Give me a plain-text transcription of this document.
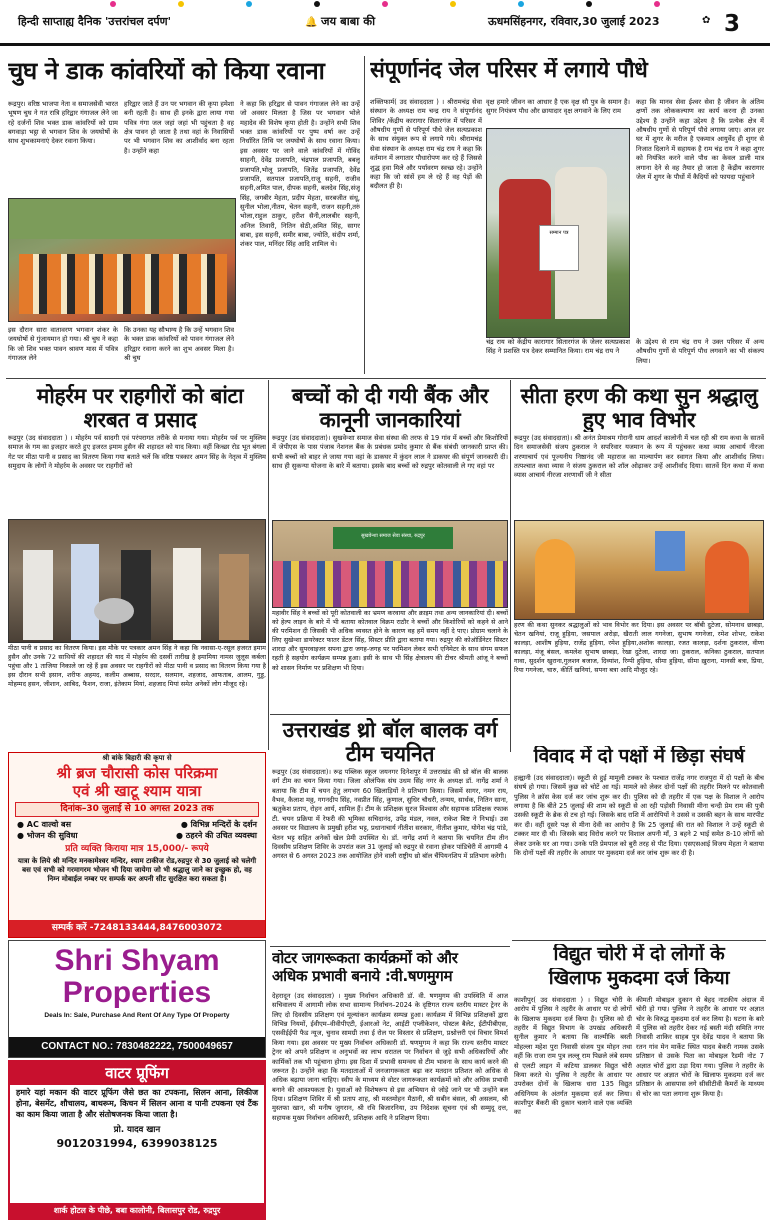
हिन्दी साप्ताह्य दैनिक 'उत्तरांचल दर्पण'	🔔 जय बाबा की	ऊधमसिंहनगर, रविवार,30 जुलाई 2023	3
✿
चुघ ने डाक कांवरियों को किया रवाना

रूद्रपुर। वरिष्ठ भाजपा नेता व समाजसेवी भारत भूषण चुघ ने गत रात्रि हरिद्वार गंगाजल लेने जा रहे दर्जनों शिव भक्त डाक कांवरियों को ग्राम बगवाड़ा भट्ठा से भगवान शिव के जयघोषों के साथ शुभकामनाएं देकर रवाना किया।

हरिद्वार जाते हैं उन पर भगवान की कृपा हमेशा बनी रहती है। साथ ही इनके द्वारा लाया गया पवित्र गंगा जल जहां जहां भी पहुंचता है वह क्षेत्र पावन हो जाता है तथा वहां के निवासियों पर भी भगवान शिव का आशीर्वाद बना रहता है। उन्होंने कहा

ने कहा कि हरिद्वार से पावन गंगाजल लेने का उन्हें जो अवसर मिलता है जिस पर भगवान भोले महादेव की विशेष कृपा होती है। उन्होंने सभी शिव भक्त डाक कांवरियों पर पुष्प वर्षा कर उन्हें निर्धारित तिथि पर जयघोषों के साथ रवाना किया। इस अवसर पर जाने वाले कांवरियों में गोविंद साहनी, देवेंद्र प्रजापति, चंद्रपाल प्रजापति, बबलू प्रजापति,भोलू प्रजापति, जितेंद्र प्रजापति, देवेंद्र प्रजापति, सतपाल प्रजापति,राजू सहनी, राजीव सहनी,अमित पाल, दीपक सहनी, बलदेव सिंह,संजू सिंह, जगबीर मेहता, प्रदीप मेहता, सरबजीत संधू, सुनील भोला,नीतम, चेतन सहनी, राजन सहनी,तरुं भोला,राहुल ठाकुर, हरीश सैनी,लालबीर सहनी, अनिल तिवारी, नितिन सेठी,अमित सिंह, सागर बाबा, इस सहनी, समीर बाबा, ज्योति, संदीप शर्मा, शंकर पाल, मनिंदर सिंह आदि शामिल थे।

इस दौरान सारा वातावरण भगवान शंकर के जयघोषों से गुंजायमान हो गया। श्री चुघ ने कहा कि जो शिव भक्त पावन श्रावण मास में पवित्र गंगाजल लेने

कि उनका यह सौभाग्य है कि उन्हें भगवान शिव के भक्त डाक कांवरियों को पावन गंगाजल लेने हरिद्वार रवाना करने का शुभ अवसर मिला है। श्री चुघ

संपूर्णानंद जेल परिसर में लगाये पौधे

शक्तिफार्म( उद संवाददाता ) । श्रीरामचंद्र सेवा संस्थान के अध्यक्ष राम चन्द्र राय ने संपूर्णानंद शिविर /केंद्रीय कारागार सितारगंज में परिसर में औषधीय गुणों से परिपूर्ण पौधे जेल सत्यप्रकाश के साथ संयुक्त रूप से लगाये गये। श्रीरामचंद्र सेवा संस्थान के अध्यक्ष राम चंद्र राय ने कहा कि वर्तमान में लगातार पौधारोपण कर रहे हैं जिससे शुद्ध हवा मिले और पर्यावरण स्वच्छ रहे। उन्होंने कहा कि जो सांसें हम ले रहे हैं वह पेड़ों की बदौलत ही है।

वृक्ष हमारे जीवन का आधार है एक वृक्ष सौ पुत्र के समान है। सुगर नियंत्रण पौध और छायादार वृक्ष लगवाने के लिए राम

सम्मान पत्र

चंद्र राय को केंद्रीय कारागार सितारगंज के जेलर सत्यप्रकाश सिंह ने प्रशस्ति पत्र देकर सम्मानित किया। राम चंद्र राय ने

कहा कि मानव सेवा ईश्वर सेवा है जीवन के अंतिम क्षणों तक लोककल्याण का कार्य करना ही उनका उद्देश्य है उन्होंने कहा उद्देश्य है कि प्रत्येक क्षेत्र में औषधीय गुणों से परिपूर्ण पौधे लगाया जाए। आज हर घर में शुगर के मरीज है एकमात्र आयुर्वेद ही शुगर से निजात दिलाने में सहायक है राम चंद्र राय ने कहा शुगर को नियंत्रित करने वाले पौध का केवल डाली मात्र लगाना देने से वह तैयार हो जाता है केंद्रीय कारागार जेल में शुगर के पौधों में कैदियों को फायदा पहुंचाने

के उद्देश्य से राम चंद्र राय ने उक्त परिसर में अन्य औषधीय गुणों से परिपूर्ण पौध लगवाने का भी संकल्प लिया।

मोहर्रम पर राहगीरों को बांटा शरबत व प्रसाद

रूद्रपुर (उद संवाददाता ) । मोहर्रम पर्व सादगी एवं परंपरागत तरीके से मनाया गया। मोहर्रम पर्व पर मुस्लिम समाज के गम का इजहार करते हुए इजरत इमाम हुसैन की शहादत को याद किया। वहीं किच्छा रोड भूत बंगला गेट पर मीठा पानी व प्रसाद का वितरण किया गया बताते चलें कि वरिष्ठ पत्रकार अमन सिंह के नेतृत्व में मुस्लिम समुदाय के लोगों ने मोहर्रम के अवसर पर राहगीरों को

मीठा पानी व प्रसाद का वितरण किया। इस मौके पर पत्रकार अमन सिंह ने कहा कि नवासा-ए-रसूल हजरत इमाम हुसैन और उनके 72 साथियों की शहादत की याद में मोहर्रम की दसवीं तारीख है इमामिया नामस जुलूस कर्बला पहुंचा और 1 ताजिया निकाले जा रहे हैं इस अवसर पर राहगीरों को मीठा पानी व प्रसाद का वितरण किया गया है इस दौरान सभी इसान, शरीफ अहमद, कलीम अब्बास, सरदार, सलमान, शहजाद, आफताब, आलम, गुड्ड, मोहम्मद हसन, जीशान, आबिद, फैशन, राजा, इंतेकाम मियां, शहजाद मियां समेत अनेकों लोग मौजूद रहे।

बच्चों को दी गयी बैंक और कानूनी जानकारियां

रूद्रपुर (उद संवाददाता)। सुखवेन्शा समाज सेवा संस्था की तरफ से 19 गांव में बच्चों और किशोरियों में जेपीएस के पास पंजाब नेशनल बैंक के प्रबंधक प्रमोद कुमार से बैंक संबंधी जानकारी प्राप्त की। सभी बच्चों को बाहर ले जाया गया वहां के डाकघर में कुंदन लाल ने डाकघर की संपूर्ण जानकारी दी। साथ ही सुकन्या योजना के बारे में बताया। इसके बाद बच्चों को रुद्रपुर कोतवाली ले गए वहां पर

सुखवेन्शा समाज सेवा संस्था, रुद्रपुर

महावीर सिंह ने बच्चों को पूरी कोतवाली का भ्रमण करवाया और क्राइम तथा अन्य जानकारियां दी। बच्चों को हेल्प लाइन के बारे में भी बताया कोतवाल विक्रम राठौर ने बच्चों और किशोरियों को कहने से आने की परमिशन दी जिसकी भी अधिक व्यवस्त होने के कारण वह हमें समय नहीं दे पाए। प्रोग्राम चलाने के लिए सुखेन्शा डायरेक्टर फातर डेंटल सिंह, सिस्टर प्रीति द्वारा बताया गया। रुद्रपुर की कोऑर्डिनेटर सिस्टर शारदा और सुपरवाइजर सपना द्वारा जगह-जगह पर परमिशन लेकर सभी एनिमेटर के साथ संगम सफल रहती है सहयोग कार्यक्रम सम्पन्न हुआ। इसी के साथ भी सिंह क्षेत्रालय की टीचर श्रीमती आंजू ने बच्चों को शासन निर्माण पर प्रशिक्षण भी दिया।

सीता हरण की कथा सुन श्रद्धालु हुए भाव विभोर

रूद्रपुर (उद संवाददाता)। श्री अनंत प्रेमाश्रम गोरानी धाम आदर्श कालोनी में चल रही श्री राम कथा के सातवें दिन समाजसेवी संजय ठुकराल ने सपरिवार यजमान के रूप में पहुंचकर कथा व्यास आचार्य नीरजा शरणाचार्य एवं पूज्यनीय निष्ठानंद जी महाराज का माल्यार्पण कर स्वागत किया और आशीर्वाद लिया। तत्पश्चात कथा व्यास ने संजय ठुकराल को शॉल ओढ़ाकर उन्हें आशीर्वाद दिया। सातवें दिन कथा में कथा व्यास आचार्य नीरजा शरणार्थी जी ने सीता

हरण की कथा सुनकर श्रद्धालुओं को भाव विभोर कर दिया। इस अवसर पर बॉबी दुटेजा, सोमनाथ छाबड़ा, चेतन खनियां, राजू हुड़िया, जसपाल अरोड़ा, खैराती लाल गगनेजा, सुभाष गगनेजा, रमेश शोभर, राकेश कालड़ा, आशीष हुड़िया, राजेंद्र हुड़िया, रमेश हुड़िया,अशोक कालड़ा, रजत कालड़ा, दर्शना ठुकराल, वीणा कालड़ा, मंजू बंसल, कमलेश सुभाष छाबड़ा, रेखा दुटेजा, शारदा जा। ठुकराल, कनिका ठुकराल, सतपाल गावा, सुदर्शन खुराना,गुलशन बजाज, दिव्यांश, रिम्पी हुड़िया, सीमा हुड़िया, सीमा ख़ुराना, मानसी बत्रा, प्रिया, रिया गगनेजा, चारु, कीर्ति खनियां, सपना बत्रा आदि मौजूद रहे।

श्री बांके बिहारी की कृपा से
श्री ब्रज चौरासी कोस परिक्रमा
एवं श्री खाटू श्याम यात्रा
दिनांक–30 जुलाई से 10 अगस्त 2023 तक
● AC वाल्वो बस	● विभिन्न मन्दिरों के दर्शन
● भोजन की सुविधा	● ठहरने की उचित व्यवस्था
प्रति व्यक्ति किराया मात्र 15,000/- रूपये
यात्रा के लिये श्री मन्दिर मनकामेश्वर मन्दिर, श्याम टाकीज रोड,रुद्रपुर से 30 जुलाई को चलेगी बस एवं सभी को गरमागरम भोजन भी दिया जायेगा जो भी श्रद्धालु जाने का इच्छुक हो, वह निम्न मोबाईल नम्बर पर सम्पर्क कर अपनी सीट सुरक्षित करा सकता है।
सम्पर्क करें -7248133444,8476003072
Shri Shyam
Properties
Deals In: Sale, Purchase And Rent Of Any Type Of Property
CONTACT NO.: 7830482222, 7500049657
वाटर प्रूफिंग
हमारे यहां मकान की वाटर प्रूफिंग जैसे छत का टपकना, सिलन आना, लिकीज होना, बेसमेंट, शौचालय, बाथरूम, किचन में सिलन आना व पानी टपकना एवं टैंक का काम किया जाता है और संतोषजनक किया जाता है।
प्रो. यादव खान
9012031994, 6399038125
शार्क होटल के पीछे, बबा कालोनी, बिलासपुर रोड, रुद्रपुर
उत्तराखंड थ्रो बॉल बालक वर्ग टीम चयनित

रूद्रपुर (उद संवाददाता)। रूद्र पब्लिक स्कूल जयनगर दिनेशपुर में उत्तराखंड की थ्रो बॉल की बालक वर्ग टीम का चयन किया गया। जिला ओलंपिक संघ उधम सिंह नगर के अध्यक्ष डॉ. नागेंद्र शर्मा ने बताया कि टीम में चयन हेतु लगभग 60 खिलाड़ियों ने प्रतिभाग किया। जिसमें सागर, नमन राय, वैभव, कैलाश मठ्ठ, गगनदीप सिंह, नवप्रीत सिंह, कुणाल, सुधिर चौधरी, तन्मय, सार्थक, नितिन साना, ऋतुकेश प्रताप, रोहन आर्य, शामिल हैं। टीम के प्रशिक्षक सुरज विश्वास और सहायक प्रशिक्षक रफाक टी. चयन प्रक्रिया में रेफरी की भूमिका सचिदानंद, उपेंद्र मंडल, नवल, राकेश बिष्ट ने निभाई। उस अवसर पर विद्यालय के प्रमुखी हरीश भट्ट, प्रधानाचार्य नीतीश सरकार, नीतीश कुमार, योगेश चंद्र पांडे, चेतन भट्ट सहित अनेकों खेल प्रेमी उपस्थित थे। डॉ. नागेंद्र शर्मा ने बताया कि चयनित टीम तीन दिवसीय प्रशिक्षण शिविर के उपरांत कल 31 जुलाई को रुद्रपुर से रवाना होकर पांडिचेरी में आगामी 4 अगस्त से 6 अगस्त 2023 तक आयोजित होने वाली राष्ट्रीय थ्रो बॉल चैंपियनशिप में प्रतिभाग करेगी।

विवाद में दो पक्षों में छिड़ा संघर्ष

हल्द्वानी (उद संवाददाता)। स्कूटी से हुई मामूली टक्कर के पश्चात राजेंद्र नगर राजपुरा में दो पक्षों के बीच संघर्ष हो गया। जिसमें कुछ को चोटें आ गई। मामले को लेकर दोनों पक्षों की तहरीर मिलने पर कोतवाली पुलिस ने क्रॉस केस दर्ज कर जांच शुरू कर दी। पुलिस को दी तहरीर में एक पक्ष के विशाल ने आरोप लगाया है कि बीते 25 जुलाई की शाम को स्कूटी से आ रही पड़ोसी निवासी मीना चन्दी प्रेम राम की पुत्री उसकी स्कूटी के ब्रेक से टच हो गई। जिसके बाद राशि में आरोपियों ने उससे व उसकी बहन के साथ मारपीट कर दी। वहीं दूसरे पक्ष से मीना देवी का आरोप है कि 25 जुलाई की रात को विशाल ने उन्हें स्कूटी से टक्कर मार दी थी। जिसके बाद विरोध करने पर विशाल अपनी माँ, 3 बहने 2 भाई समेत 8-10 लोगों को लेकर उनके घर आ गया। उनके पति प्रेमपाल को बुरी तरह से पीट दिया। एसएसआई विजय मेहता ने बताया कि दोनों पक्षों की तहरीर के आधार पर मुकदमा दर्ज कर जांच शुरू कर दी है।

वोटर जागरूकता कार्यक्रमों को और
अधिक प्रभावी बनाये :वी.षणमुगम

देहरादून (उद संवाददाता) । मुख्य निर्वाचन अधिकारी डॉ. वी. षणमुगम की उपस्थिति में आज सचिवालय में आगामी लोक सभा सामान्य निर्वाचन–2024 के दृष्टिगत राज्य स्तरीय मास्टर ट्रेनर के लिए दो दिवसीय प्रशिक्षण एवं मूल्यांकन कार्यक्रम सम्पन्न हुआ। कार्यक्रम में विभिन्न प्रशिक्षकों द्वारा विभिन्न नियमों, ईवीएम–वीवीपीएटी, ईआरओ नेट, आईटी एप्लीकेशन, पोस्टल बैलेट, ईटीपीबीएस, एसवीईईपी फैड न्यूज, चुनाव सामग्री तथा ई रोल पर विस्तार से प्रशिक्षण, प्रश्नोत्तरी एवं विचार विमर्श किया गया। इस अवसर पर मुख्य निर्वाचन अधिकारी डॉ. षणमुगम ने कहा कि राज्य स्तरीय मास्टर ट्रेनर को अपने प्रशिक्षण व अनुभवों का लाभ धरातल पर निर्वाचन से जुड़े सभी अधिकारियों और कार्मिकों तक भी पहुंचाना होगा। इस दिशा में प्रभावी समन्वय से टीम भावना के साथ कार्य करने की जरूरत है। उन्होंने कहा कि मतदाताओं में जनजागरूकता बढ़ा कर मतदान प्रतिशत को अधिक से अधिक बढ़ाया जाना चाहिए। स्वीप के माध्यम से वोटर जागरूकता कार्यक्रमों को और अधिक प्रभावी बनाने की आवश्यकता है। युवाओं को विशेषरूप से इस अभियान से जोड़े जाने पर भी उन्होंने बल दिया। प्रशिक्षण शिविर में श्री प्रताप शाह, श्री मस्तमोहन मैठानी, श्री सबीन बंसल, श्री असलम, श्री मुस्तफा खान, श्री मनीष जुगरान, श्री रवि बिजारनिया, उप निदेशक सूचना एवं श्री सम्मुदू दत्त, सहायक मुख्य निर्वाचन अधिकारी, प्रशिक्षक आदि ने प्रशिक्षण दिया।

विद्युत चोरी में दो लोगों के
खिलाफ मुकदमा दर्ज किया

काशीपुर( उद संवाददाता ) । विद्युत चोरी के आरोप में पुलिस ने तहरीर के आधार पर दो लोगों के खिलाफ मुकदमा दर्ज किया है। पुलिस को दी तहरीर में विद्युत विभाग के उपखंड अधिकारी सुनील कुमार ने बताया कि वाल्मीकि बस्ती मोहल्ला महेश पुरा निवासी संजय पुत्र मोहन तथा वहीं कि राजा राम पुत्र लल्लू राम पिछले लंबे समय से एलटी लाइन में कटिया डालकर विद्युत चोरी किया करते थे। पुलिस ने तहरीर के आधार पर उपरोक्त दोनों के खिलाफ धारा 135 विद्युत अधिनियम के अंतर्गत मुकदमा दर्ज कर लिया। काशीपुर बैंकरी की दुकान चलाने वाले एक व्यक्ति का

कीमती मोबाइल दुकान से बेहद नाटकीय अंदाज में चोरी हो गया। पुलिस ने तहरीर के आधार पर अज्ञात चोर के विरुद्ध मुकदमा दर्ज कर लिया है। घटना के बारे में पुलिस को तहरीर देकर नई बस्ती मंदी समिति नगर निवासी शाकिर साहब पुत्र देवेंद्र यादव ने बताया कि रतन गांव मेन मार्केट स्थित यादव बेकरी नामक उसके प्रतिष्ठान से उसके पिता का मोबाइल रैडमी नोट 7 अज्ञात चोरों द्वारा उड़ा दिया गया। पुलिस ने तहरीर के आधार पर अज्ञात चोरों के खिलाफ मुकदमा दर्ज कर प्रतिष्ठान के आसपास लगे सीसीटीवी कैमरों के माध्यम से चोर का पता लगाना शुरू किया है।
